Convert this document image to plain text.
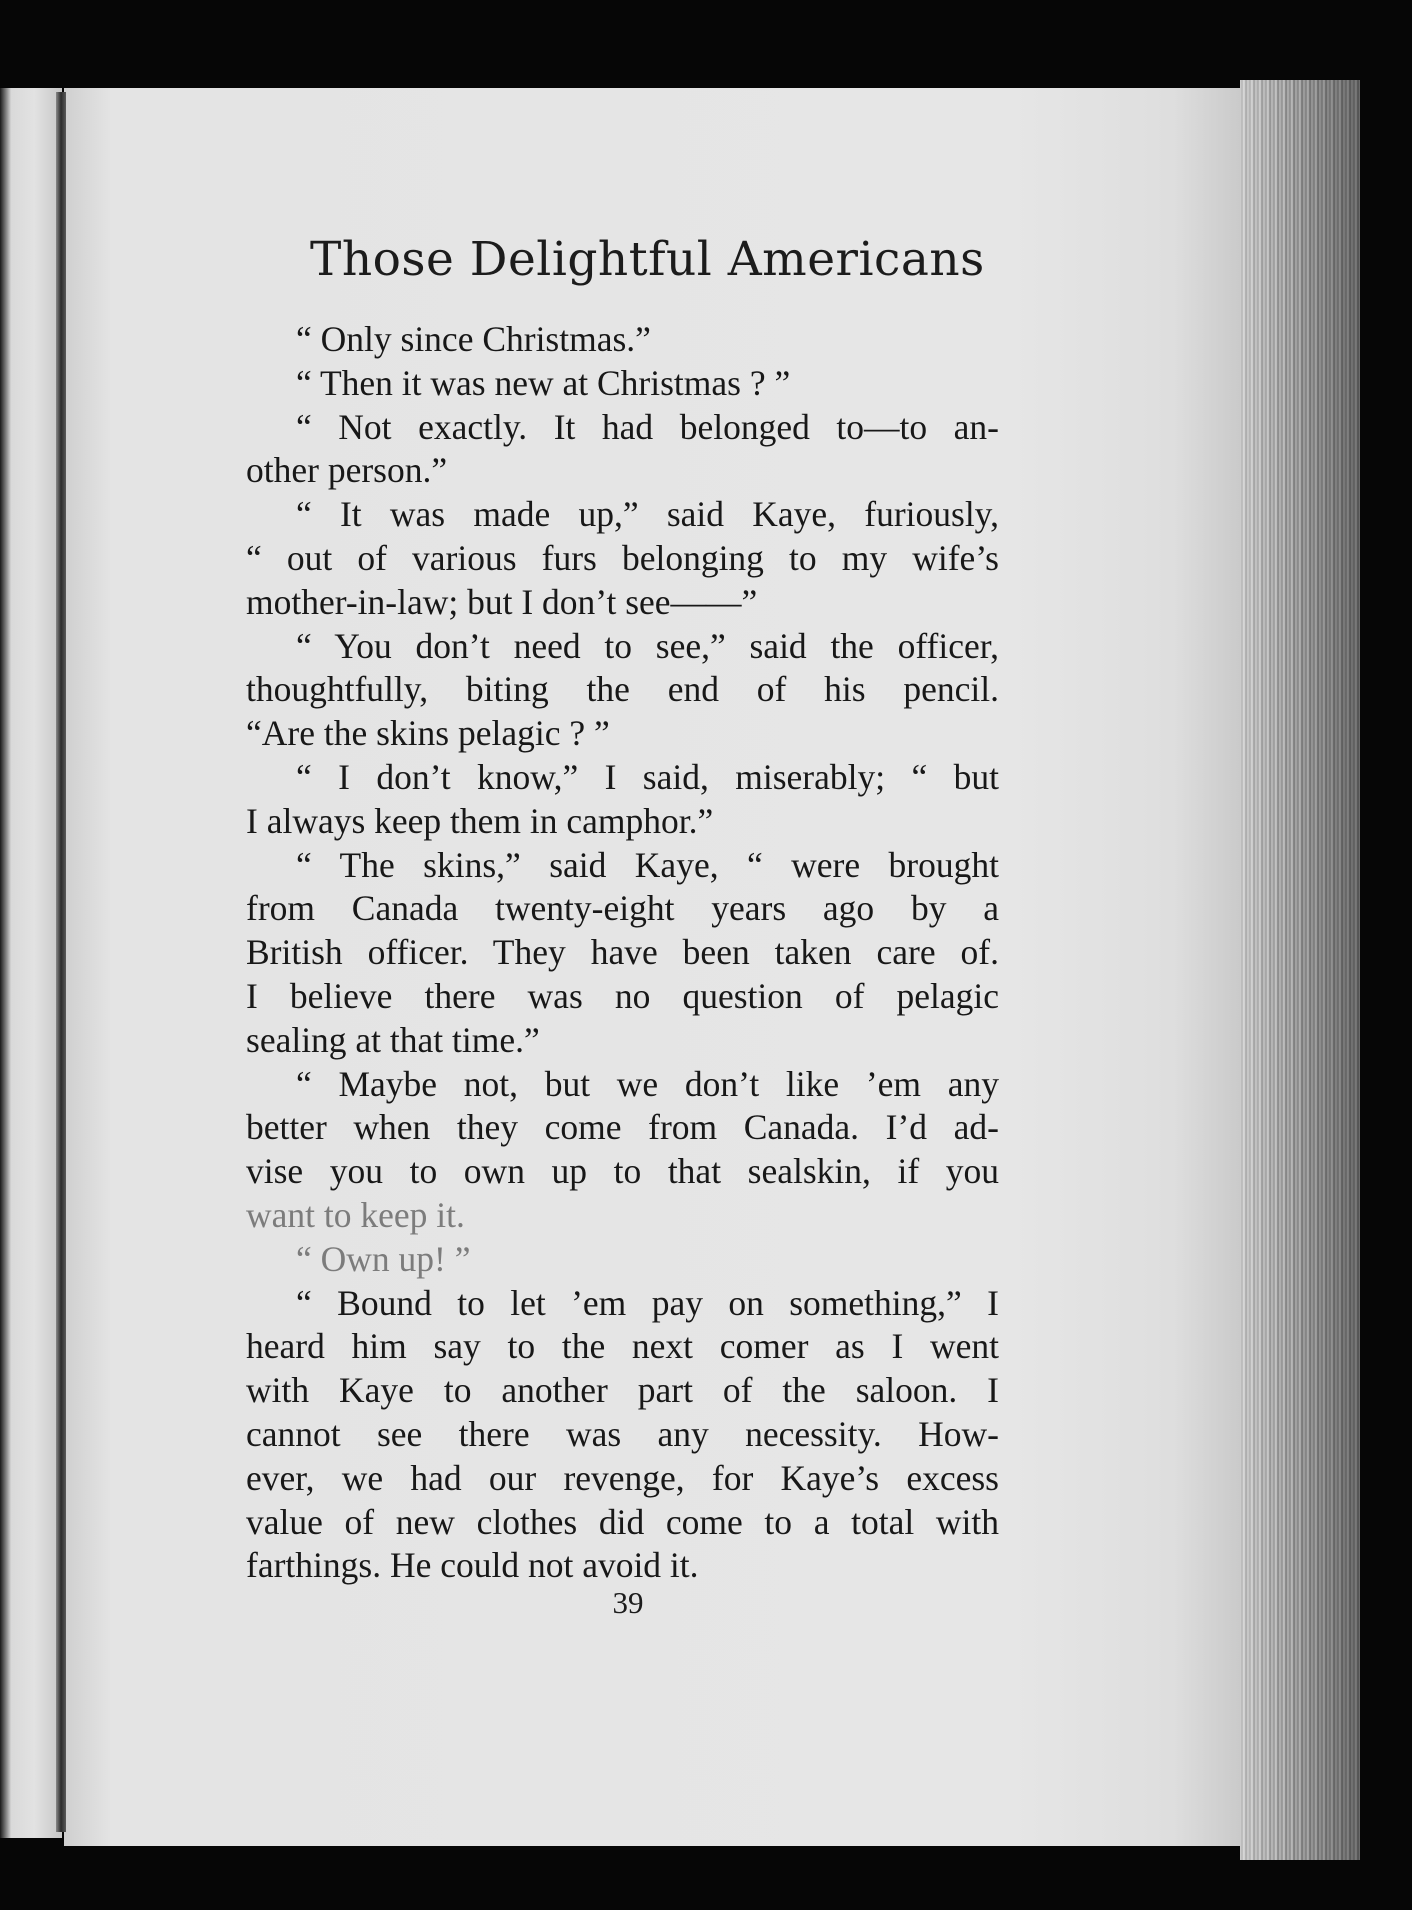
Those Delightful Americans
“ Only since Christmas.”
“ Then it was new at Christmas ? ”
“ Not exactly. It had belonged to—to an-
other person.”
“ It was made up,” said Kaye, furiously,
“ out of various furs belonging to my wife’s
mother-in-law; but I don’t see——”
“ You don’t need to see,” said the officer,
thoughtfully, biting the end of his pencil.
“Are the skins pelagic ? ”
“ I don’t know,” I said, miserably; “ but
I always keep them in camphor.”
“ The skins,” said Kaye, “ were brought
from Canada twenty-eight years ago by a
British officer. They have been taken care of.
I believe there was no question of pelagic
sealing at that time.”
“ Maybe not, but we don’t like ’em any
better when they come from Canada. I’d ad-
vise you to own up to that sealskin, if you
want to keep it.
“ Own up! ”
“ Bound to let ’em pay on something,” I
heard him say to the next comer as I went
with Kaye to another part of the saloon. I
cannot see there was any necessity. How-
ever, we had our revenge, for Kaye’s excess
value of new clothes did come to a total with
farthings. He could not avoid it.
39
